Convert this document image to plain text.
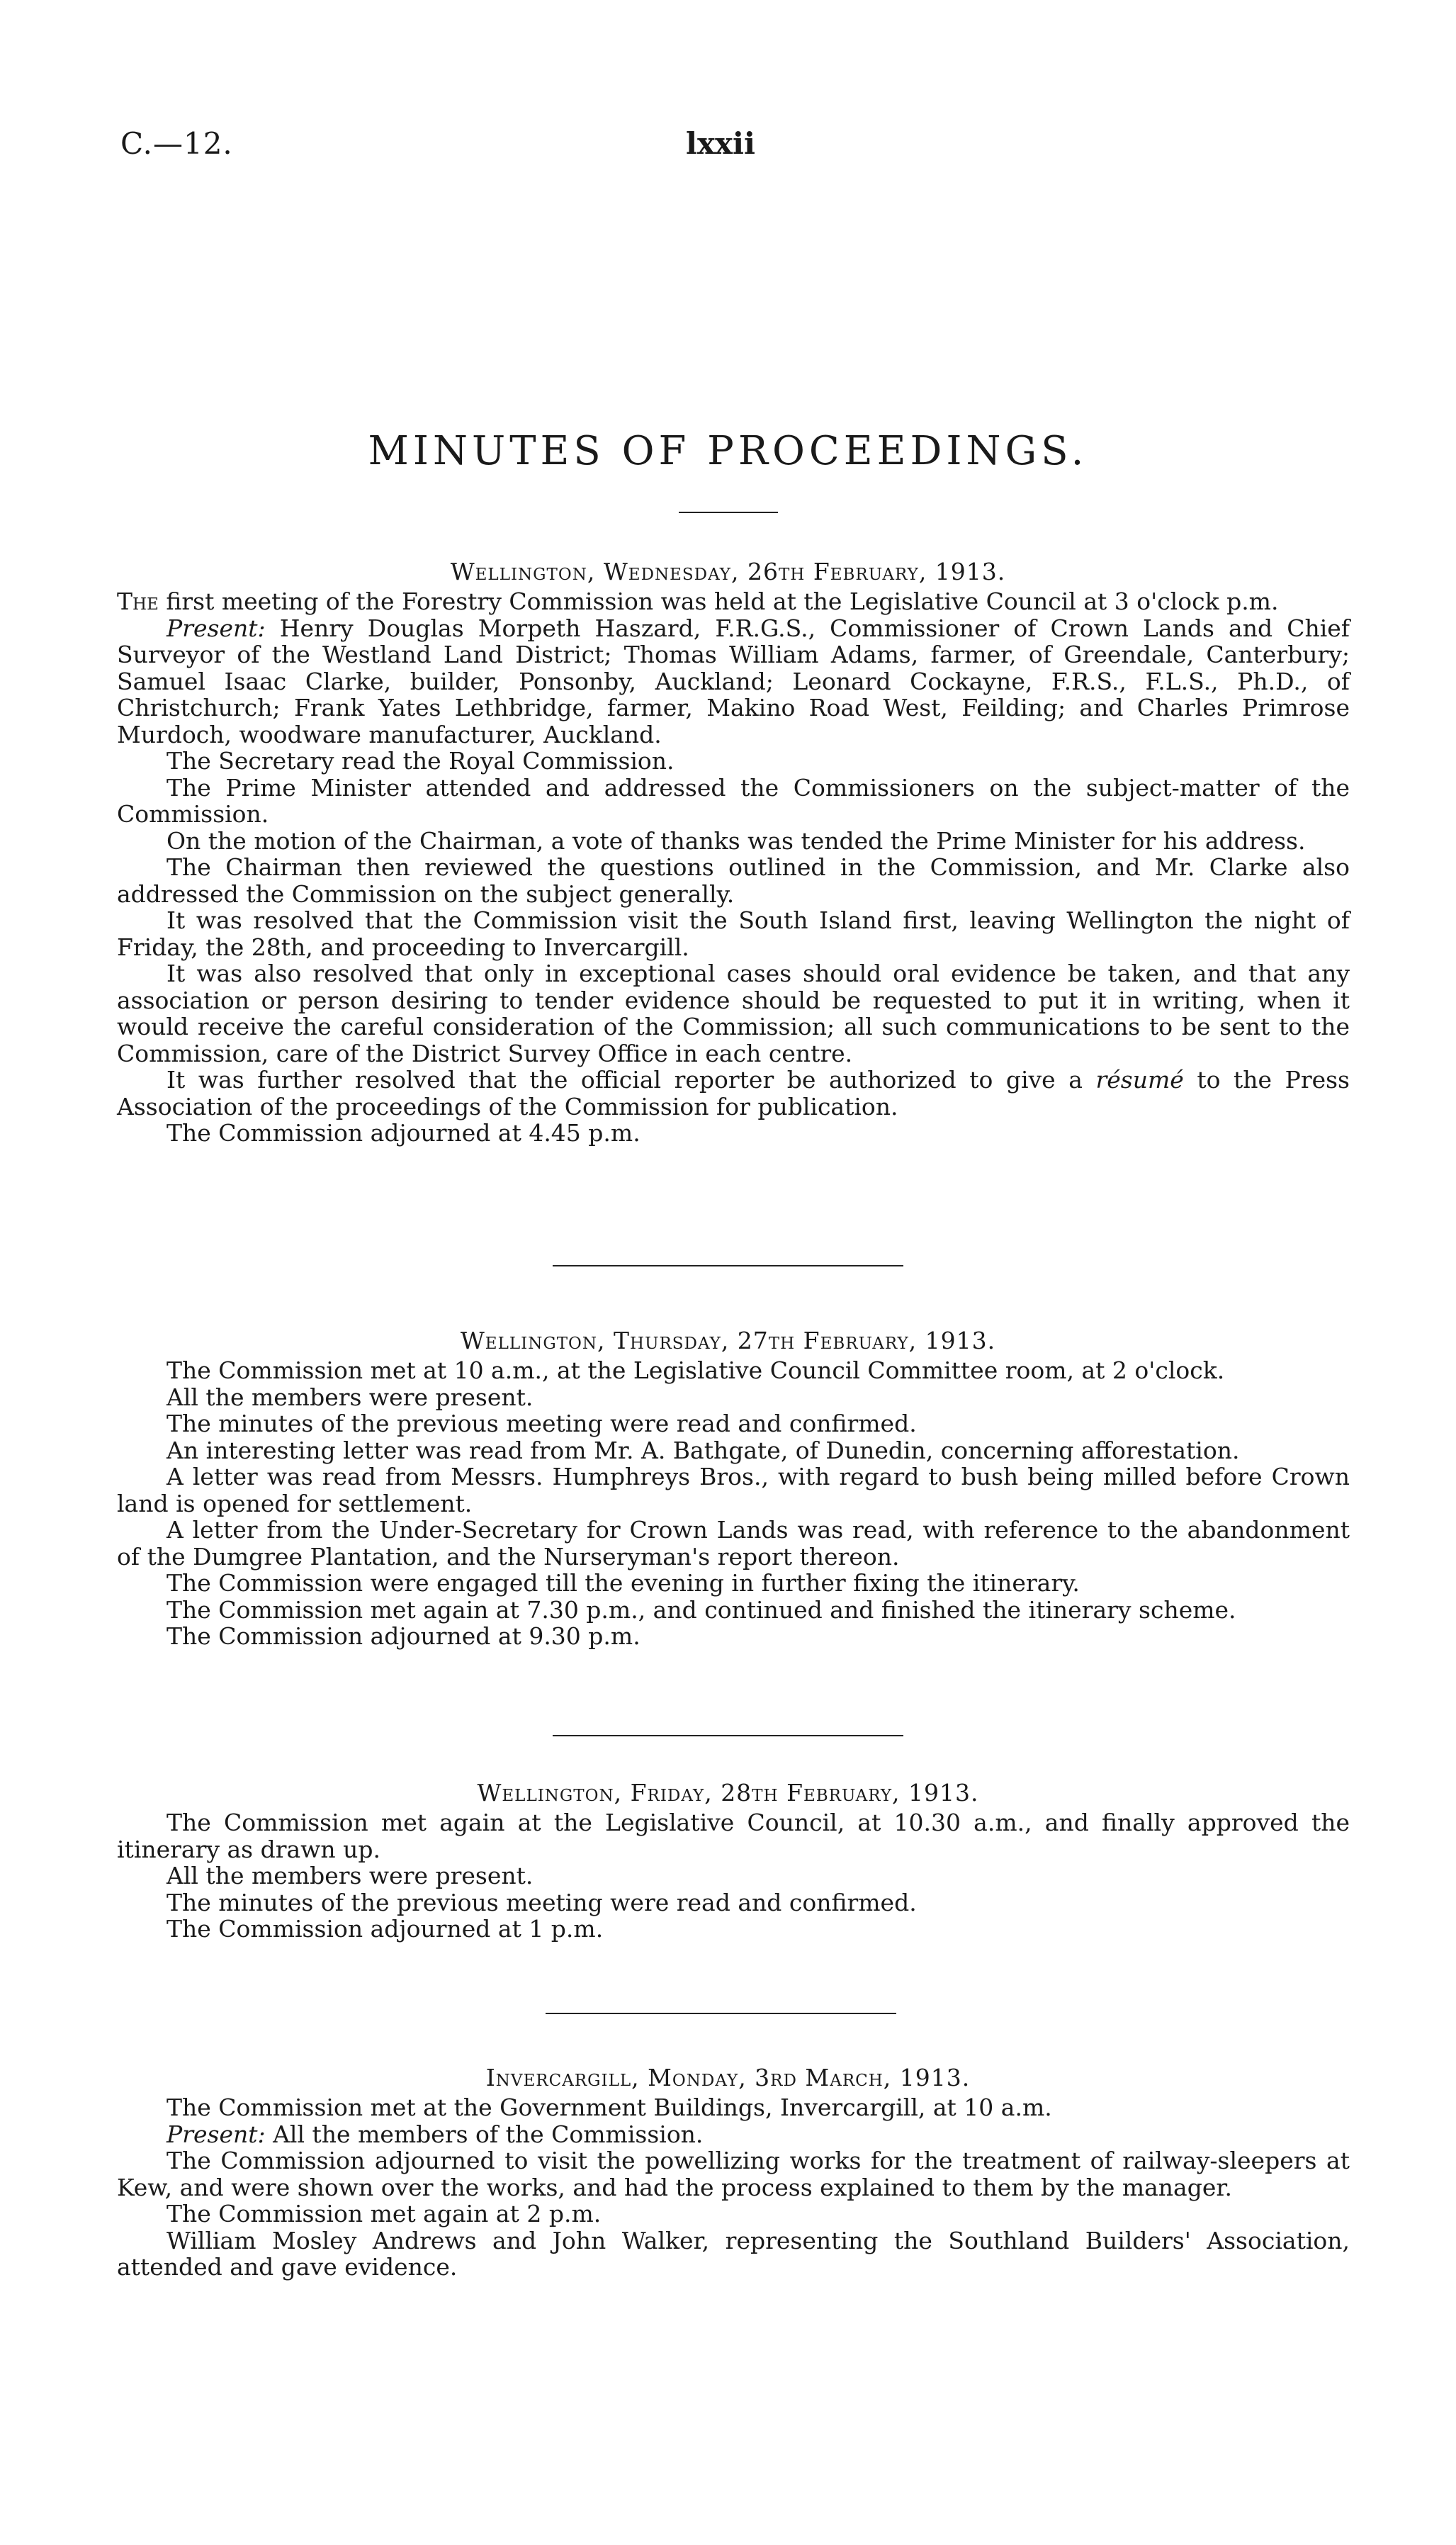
C.—12.	lxxii
MINUTES OF PROCEEDINGS.
Wellington, Wednesday, 26th February, 1913.

The first meeting of the Forestry Commission was held at the Legislative Council at 3 o'clock p.m.

Present: Henry Douglas Morpeth Haszard, F.R.G.S., Commissioner of Crown Lands and Chief Surveyor of the Westland Land District; Thomas William Adams, farmer, of Greendale, Canterbury; Samuel Isaac Clarke, builder, Ponsonby, Auckland; Leonard Cockayne, F.R.S., F.L.S., Ph.D., of Christchurch; Frank Yates Lethbridge, farmer, Makino Road West, Feilding; and Charles Primrose Murdoch, woodware manufacturer, Auckland.

The Secretary read the Royal Commission.

The Prime Minister attended and addressed the Commissioners on the subject-matter of the Commission.

On the motion of the Chairman, a vote of thanks was tended the Prime Minister for his address.

The Chairman then reviewed the questions outlined in the Commission, and Mr. Clarke also addressed the Commission on the subject generally.

It was resolved that the Commission visit the South Island first, leaving Wellington the night of Friday, the 28th, and proceeding to Invercargill.

It was also resolved that only in exceptional cases should oral evidence be taken, and that any association or person desiring to tender evidence should be requested to put it in writing, when it would receive the careful consideration of the Commission; all such communications to be sent to the Commission, care of the District Survey Office in each centre.

It was further resolved that the official reporter be authorized to give a résumé to the Press Association of the proceedings of the Commission for publication.

The Commission adjourned at 4.45 p.m.

Wellington, Thursday, 27th February, 1913.

The Commission met at 10 a.m., at the Legislative Council Committee room, at 2 o'clock.

All the members were present.

The minutes of the previous meeting were read and confirmed.

An interesting letter was read from Mr. A. Bathgate, of Dunedin, concerning afforestation.

A letter was read from Messrs. Humphreys Bros., with regard to bush being milled before Crown land is opened for settlement.

A letter from the Under-Secretary for Crown Lands was read, with reference to the abandonment of the Dumgree Plantation, and the Nurseryman's report thereon.

The Commission were engaged till the evening in further fixing the itinerary.

The Commission met again at 7.30 p.m., and continued and finished the itinerary scheme.

The Commission adjourned at 9.30 p.m.

Wellington, Friday, 28th February, 1913.

The Commission met again at the Legislative Council, at 10.30 a.m., and finally approved the itinerary as drawn up.

All the members were present.

The minutes of the previous meeting were read and confirmed.

The Commission adjourned at 1 p.m.

Invercargill, Monday, 3rd March, 1913.

The Commission met at the Government Buildings, Invercargill, at 10 a.m.

Present: All the members of the Commission.

The Commission adjourned to visit the powellizing works for the treatment of railway-sleepers at Kew, and were shown over the works, and had the process explained to them by the manager.

The Commission met again at 2 p.m.

William Mosley Andrews and John Walker, representing the Southland Builders' Association, attended and gave evidence.
